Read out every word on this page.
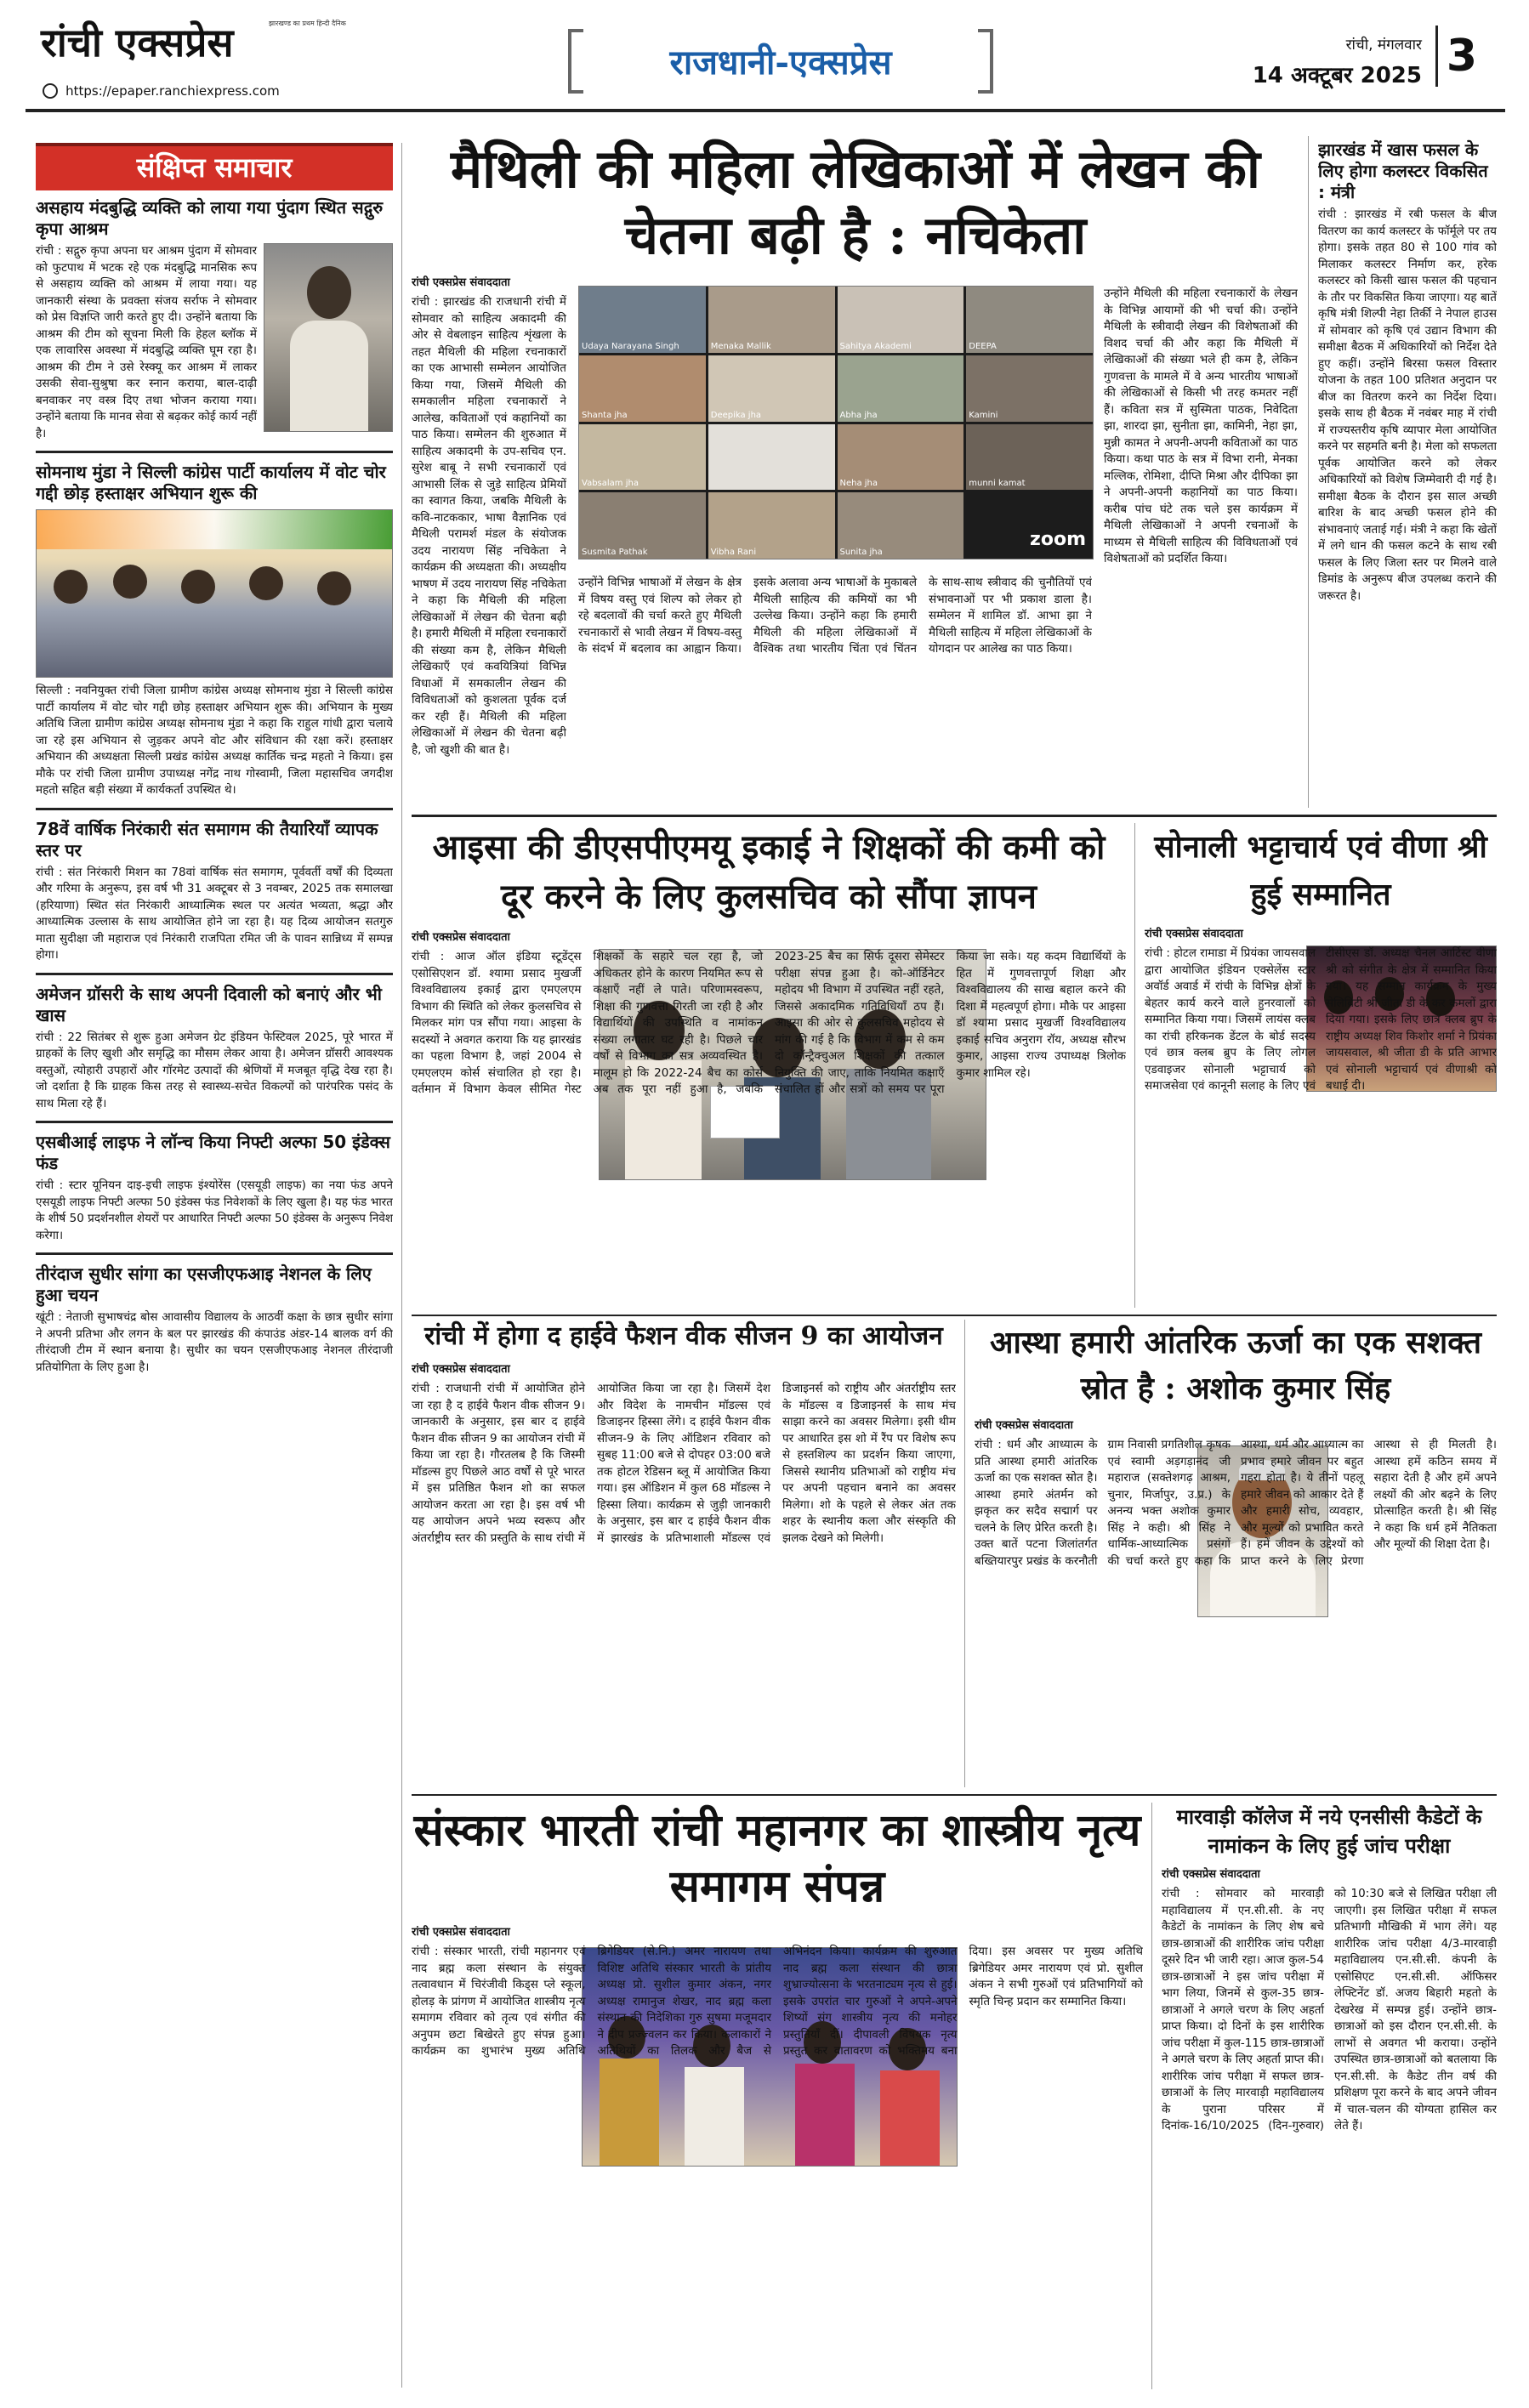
रांची एक्सप्रेस	झारखण्ड का प्रथम हिन्दी दैनिक
https://epaper.ranchiexpress.com
राजधानी-एक्सप्रेस	रांची, मंगलवार
14 अक्टूबर 2025 3
संक्षिप्त समाचार
असहाय मंदबुद्धि व्यक्ति को लाया गया पुंदाग स्थित सद्गुरु कृपा आश्रम

रांची : सद्गुरु कृपा अपना घर आश्रम पुंदाग में सोमवार को फुटपाथ में भटक रहे एक मंदबुद्धि मानसिक रूप से असहाय व्यक्ति को आश्रम में लाया गया। यह जानकारी संस्था के प्रवक्ता संजय सर्राफ ने सोमवार को प्रेस विज्ञप्ति जारी करते हुए दी। उन्होंने बताया कि आश्रम की टीम को सूचना मिली कि हेहल ब्लॉक में एक लावारिस अवस्था में मंदबुद्धि व्यक्ति घूम रहा है। आश्रम की टीम ने उसे रेस्क्यू कर आश्रम में लाकर उसकी सेवा-सुश्रुषा कर स्नान कराया, बाल-दाढ़ी बनवाकर नए वस्त्र दिए तथा भोजन कराया गया। उन्होंने बताया कि मानव सेवा से बढ़कर कोई कार्य नहीं है।

सोमनाथ मुंडा ने सिल्ली कांग्रेस पार्टी कार्यालय में वोट चोर गद्दी छोड़ हस्ताक्षर अभियान शुरू की

सिल्ली : नवनियुक्त रांची जिला ग्रामीण कांग्रेस अध्यक्ष सोमनाथ मुंडा ने सिल्ली कांग्रेस पार्टी कार्यालय में वोट चोर गद्दी छोड़ हस्ताक्षर अभियान शुरू की। अभियान के मुख्य अतिथि जिला ग्रामीण कांग्रेस अध्यक्ष सोमनाथ मुंडा ने कहा कि राहुल गांधी द्वारा चलाये जा रहे इस अभियान से जुड़कर अपने वोट और संविधान की रक्षा करें। हस्ताक्षर अभियान की अध्यक्षता सिल्ली प्रखंड कांग्रेस अध्यक्ष कार्तिक चन्द्र महतो ने किया। इस मौके पर रांची जिला ग्रामीण उपाध्यक्ष नगेंद्र नाथ गोस्वामी, जिला महासचिव जगदीश महतो सहित बड़ी संख्या में कार्यकर्ता उपस्थित थे।

78वें वार्षिक निरंकारी संत समागम की तैयारियाँ व्यापक स्तर पर

रांची : संत निरंकारी मिशन का 78वां वार्षिक संत समागम, पूर्ववर्ती वर्षों की दिव्यता और गरिमा के अनुरूप, इस वर्ष भी 31 अक्टूबर से 3 नवम्बर, 2025 तक समालखा (हरियाणा) स्थित संत निरंकारी आध्यात्मिक स्थल पर अत्यंत भव्यता, श्रद्धा और आध्यात्मिक उल्लास के साथ आयोजित होने जा रहा है। यह दिव्य आयोजन सतगुरु माता सुदीक्षा जी महाराज एवं निरंकारी राजपिता रमित जी के पावन सान्निध्य में सम्पन्न होगा।

अमेजन ग्रॉसरी के साथ अपनी दिवाली को बनाएं और भी खास

रांची : 22 सितंबर से शुरू हुआ अमेजन ग्रेट इंडियन फेस्टिवल 2025, पूरे भारत में ग्राहकों के लिए खुशी और समृद्धि का मौसम लेकर आया है। अमेजन ग्रॉसरी आवश्यक वस्तुओं, त्योहारी उपहारों और गॉरमेट उत्पादों की श्रेणियों में मजबूत वृद्धि देख रहा है। जो दर्शाता है कि ग्राहक किस तरह से स्वास्थ्य-सचेत विकल्पों को पारंपरिक पसंद के साथ मिला रहे हैं।

एसबीआई लाइफ ने लॉन्च किया निफ्टी अल्फा 50 इंडेक्स फंड

रांची : स्टार यूनियन दाइ-इची लाइफ इंश्योरेंस (एसयूडी लाइफ) का नया फंड अपने एसयूडी लाइफ निफ्टी अल्फा 50 इंडेक्स फंड निवेशकों के लिए खुला है। यह फंड भारत के शीर्ष 50 प्रदर्शनशील शेयरों पर आधारित निफ्टी अल्फा 50 इंडेक्स के अनुरूप निवेश करेगा।

तीरंदाज सुधीर सांगा का एसजीएफआइ नेशनल के लिए हुआ चयन

खूंटी : नेताजी सुभाषचंद्र बोस आवासीय विद्यालय के आठवीं कक्षा के छात्र सुधीर सांगा ने अपनी प्रतिभा और लगन के बल पर झारखंड की कंपाउंड अंडर-14 बालक वर्ग की तीरंदाजी टीम में स्थान बनाया है। सुधीर का चयन एसजीएफआइ नेशनल तीरंदाजी प्रतियोगिता के लिए हुआ है।

मैथिली की महिला लेखिकाओं में लेखन की चेतना बढ़ी है : नचिकेता
रांची एक्सप्रेस संवाददाता

रांची : झारखंड की राजधानी रांची में सोमवार को साहित्य अकादमी की ओर से वेबलाइन साहित्य शृंखला के तहत मैथिली की महिला रचनाकारों का एक आभासी सम्मेलन आयोजित किया गया, जिसमें मैथिली की समकालीन महिला रचनाकारों ने आलेख, कविताओं एवं कहानियों का पाठ किया। सम्मेलन की शुरुआत में साहित्य अकादमी के उप-सचिव एन. सुरेश बाबू ने सभी रचनाकारों एवं आभासी लिंक से जुड़े साहित्य प्रेमियों का स्वागत किया, जबकि मैथिली के कवि-नाटककार, भाषा वैज्ञानिक एवं मैथिली परामर्श मंडल के संयोजक उदय नारायण सिंह नचिकेता ने कार्यक्रम की अध्यक्षता की। अध्यक्षीय भाषण में उदय नारायण सिंह नचिकेता ने कहा कि मैथिली की महिला लेखिकाओं में लेखन की चेतना बढ़ी है। हमारी मैथिली में महिला रचनाकारों की संख्या कम है, लेकिन मैथिली लेखिकाएँ एवं कवयित्रियां विभिन्न विधाओं में समकालीन लेखन की विविधताओं को कुशलता पूर्वक दर्ज कर रही हैं। मैथिली की महिला लेखिकाओं में लेखन की चेतना बढ़ी है, जो खुशी की बात है।

Udaya Narayana Singh	Menaka Mallik	Sahitya Akademi	DEEPA
Shanta jha	Deepika jha	Abha jha	Kamini
Vabsalam jha	Neha jha	munni kamat
Susmita Pathak	Vibha Rani	Sunita jha
zoom

उन्होंने विभिन्न भाषाओं में लेखन के क्षेत्र में विषय वस्तु एवं शिल्प को लेकर हो रहे बदलावों की चर्चा करते हुए मैथिली रचनाकारों से भावी लेखन में विषय-वस्तु के संदर्भ में बदलाव का आह्वान किया। इसके अलावा अन्य भाषाओं के मुकाबले मैथिली साहित्य की कमियों का भी उल्लेख किया। उन्होंने कहा कि हमारी मैथिली की महिला लेखिकाओं में वैश्विक तथा भारतीय चिंता एवं चिंतन के साथ-साथ स्त्रीवाद की चुनौतियों एवं संभावनाओं पर भी प्रकाश डाला है। सम्मेलन में शामिल डॉ. आभा झा ने मैथिली साहित्य में महिला लेखिकाओं के योगदान पर आलेख का पाठ किया।

उन्होंने मैथिली की महिला रचनाकारों के लेखन के विभिन्न आयामों की भी चर्चा की। उन्होंने मैथिली के स्त्रीवादी लेखन की विशेषताओं की विशद चर्चा की और कहा कि मैथिली में लेखिकाओं की संख्या भले ही कम है, लेकिन गुणवत्ता के मामले में वे अन्य भारतीय भाषाओं की लेखिकाओं से किसी भी तरह कमतर नहीं हैं। कविता सत्र में सुस्मिता पाठक, निवेदिता झा, शारदा झा, सुनीता झा, कामिनी, नेहा झा, मुन्नी कामत ने अपनी-अपनी कविताओं का पाठ किया। कथा पाठ के सत्र में विभा रानी, मेनका मल्लिक, रोमिशा, दीप्ति मिश्रा और दीपिका झा ने अपनी-अपनी कहानियों का पाठ किया। करीब पांच घंटे तक चले इस कार्यक्रम में मैथिली लेखिकाओं ने अपनी रचनाओं के माध्यम से मैथिली साहित्य की विविधताओं एवं विशेषताओं को प्रदर्शित किया।

झारखंड में खास फसल के लिए होगा कलस्टर विकसित : मंत्री

रांची : झारखंड में रबी फसल के बीज वितरण का कार्य कलस्टर के फॉर्मूले पर तय होगा। इसके तहत 80 से 100 गांव को मिलाकर कलस्टर निर्माण कर, हरेक कलस्टर को किसी खास फसल की पहचान के तौर पर विकसित किया जाएगा। यह बातें कृषि मंत्री शिल्पी नेहा तिर्की ने नेपाल हाउस में सोमवार को कृषि एवं उद्यान विभाग की समीक्षा बैठक में अधिकारियों को निर्देश देते हुए कहीं। उन्होंने बिरसा फसल विस्तार योजना के तहत 100 प्रतिशत अनुदान पर बीज का वितरण करने का निर्देश दिया। इसके साथ ही बैठक में नवंबर माह में रांची में राज्यस्तरीय कृषि व्यापार मेला आयोजित करने पर सहमति बनी है। मेला को सफलता पूर्वक आयोजित करने को लेकर अधिकारियों को विशेष जिम्मेवारी दी गई है। समीक्षा बैठक के दौरान इस साल अच्छी बारिश के बाद अच्छी फसल होने की संभावनाएं जताई गई। मंत्री ने कहा कि खेतों में लगे धान की फसल कटने के साथ रबी फसल के लिए जिला स्तर पर मिलने वाले डिमांड के अनुरूप बीज उपलब्ध कराने की जरूरत है।

आइसा की डीएसपीएमयू इकाई ने शिक्षकों की कमी को दूर करने के लिए कुलसचिव को सौंपा ज्ञापन
रांची एक्सप्रेस संवाददाता

रांची : आज ऑल इंडिया स्टूडेंट्स एसोसिएशन डॉ. श्यामा प्रसाद मुखर्जी विश्वविद्यालय इकाई द्वारा एमएलएम विभाग की स्थिति को लेकर कुलसचिव से मिलकर मांग पत्र सौंपा गया। आइसा के सदस्यों ने अवगत कराया कि यह झारखंड का पहला विभाग है, जहां 2004 से एमएलएम कोर्स संचालित हो रहा है। वर्तमान में विभाग केवल सीमित गेस्ट शिक्षकों के सहारे चल रहा है, जो अधिकतर होने के कारण नियमित रूप से कक्षाएँ नहीं ले पाते। परिणामस्वरूप, शिक्षा की गुणवत्ता गिरती जा रही है और विद्यार्थियों की उपस्थिति व नामांकन संख्या लगातार घट रही है। पिछले चार वर्षों से विभाग का सत्र अव्यवस्थित है। मालूम हो कि 2022-24 बैच का कोर्स अब तक पूरा नहीं हुआ है, जबकि 2023-25 बैच का सिर्फ दूसरा सेमेस्टर परीक्षा संपन्न हुआ है। को-ऑर्डिनेटर महोदय भी विभाग में उपस्थित नहीं रहते, जिससे अकादमिक गतिविधियाँ ठप हैं। आइसा की ओर से कुलसचिव महोदय से मांग की गई है कि विभाग में कम से कम दो कॉन्ट्रैक्चुअल शिक्षकों की तत्काल नियुक्ति की जाए, ताकि नियमित कक्षाएँ संचालित हों और सत्रों को समय पर पूरा किया जा सके। यह कदम विद्यार्थियों के हित में गुणवत्तापूर्ण शिक्षा और विश्वविद्यालय की साख बहाल करने की दिशा में महत्वपूर्ण होगा। मौके पर आइसा डॉ श्यामा प्रसाद मुखर्जी विश्वविद्यालय इकाई सचिव अनुराग रॉय, अध्यक्ष सौरभ कुमार, आइसा राज्य उपाध्यक्ष त्रिलोक कुमार शामिल रहे।

सोनाली भट्टाचार्य एवं वीणा श्री हुई सम्मानित
रांची एक्सप्रेस संवाददाता

रांची : होटल रामाडा में प्रियंका जायसवाल द्वारा आयोजित इंडियन एक्सेलेंस स्टार अवॉर्ड अवार्ड में रांची के विभिन्न क्षेत्रों के बेहतर कार्य करने वाले हुनरवालों को सम्मानित किया गया। जिसमें लायंस क्लब का रांची हरिकनक डेंटल के बोर्ड सदस्य एवं छात्र क्लब ब्रुप के लिए लोगल एडवाइजर सोनाली भट्टाचार्य को समाजसेवा एवं कानूनी सलाह के लिए एवं टीसीएस डॉ. अध्यक्ष चैनल आर्टिस्ट वीणा श्री को संगीत के क्षेत्र में सम्मानित किया गया। यह सम्मान कार्यक्रम के मुख्य सेलिब्रिटी श्री जीता डी के कर कमलों द्वारा दिया गया। इसके लिए छात्र क्लब ब्रुप के राष्ट्रीय अध्यक्ष शिव किशोर शर्मा ने प्रियंका जायसवाल, श्री जीता डी के प्रति आभार एवं सोनाली भट्टाचार्य एवं वीणाश्री को बधाई दी।

रांची में होगा द हाईवे फैशन वीक सीजन 9 का आयोजन
रांची एक्सप्रेस संवाददाता

रांची : राजधानी रांची में आयोजित होने जा रहा है द हाईवे फैशन वीक सीजन 9। जानकारी के अनुसार, इस बार द हाईवे फैशन वीक सीजन 9 का आयोजन रांची में किया जा रहा है। गौरतलब है कि जिस्मी मॉडल्स हुए पिछले आठ वर्षों से पूरे भारत में इस प्रतिष्ठित फैशन शो का सफल आयोजन करता आ रहा है। इस वर्ष भी यह आयोजन अपने भव्य स्वरूप और अंतर्राष्ट्रीय स्तर की प्रस्तुति के साथ रांची में आयोजित किया जा रहा है। जिसमें देश और विदेश के नामचीन मॉडल्स एवं डिजाइनर हिस्सा लेंगे। द हाईवे फैशन वीक सीजन-9 के लिए ऑडिशन रविवार को सुबह 11:00 बजे से दोपहर 03:00 बजे तक होटल रेडिसन ब्लू में आयोजित किया गया। इस ऑडिशन में कुल 68 मॉडल्स ने हिस्सा लिया। कार्यक्रम से जुड़ी जानकारी के अनुसार, इस बार द हाईवे फैशन वीक में झारखंड के प्रतिभाशाली मॉडल्स एवं डिजाइनर्स को राष्ट्रीय और अंतर्राष्ट्रीय स्तर के मॉडल्स व डिजाइनर्स के साथ मंच साझा करने का अवसर मिलेगा। इसी थीम पर आधारित इस शो में रैंप पर विशेष रूप से हस्तशिल्प का प्रदर्शन किया जाएगा, जिससे स्थानीय प्रतिभाओं को राष्ट्रीय मंच पर अपनी पहचान बनाने का अवसर मिलेगा। शो के पहले से लेकर अंत तक शहर के स्थानीय कला और संस्कृति की झलक देखने को मिलेगी।

आस्था हमारी आंतरिक ऊर्जा का एक सशक्त स्रोत है : अशोक कुमार सिंह
रांची एक्सप्रेस संवाददाता

रांची : धर्म और आध्यात्म के प्रति आस्था हमारी आंतरिक ऊर्जा का एक सशक्त स्रोत है। आस्था हमारे अंतर्मन को झकृत कर सदैव सद्मार्ग पर चलने के लिए प्रेरित करती है। उक्त बातें पटना जिलांतर्गत बख्तियारपुर प्रखंड के करनौती ग्राम निवासी प्रगतिशील कृषक एवं स्वामी अड़गड़ानंद जी महाराज (सक्तेशगढ़ आश्रम, चुनार, मिर्जापुर, उ.प्र.) के अनन्य भक्त अशोक कुमार सिंह ने कही। श्री सिंह ने धार्मिक-आध्यात्मिक प्रसंगों की चर्चा करते हुए कहा कि आस्था, धर्म और आध्यात्म का प्रभाव हमारे जीवन पर बहुत गहरा होता है। ये तीनों पहलू हमारे जीवन को आकार देते हैं और हमारी सोच, व्यवहार, और मूल्यों को प्रभावित करते हैं। हमें जीवन के उद्देश्यों को प्राप्त करने के लिए प्रेरणा आस्था से ही मिलती है। आस्था हमें कठिन समय में सहारा देती है और हमें अपने लक्ष्यों की ओर बढ़ने के लिए प्रोत्साहित करती है। श्री सिंह ने कहा कि धर्म हमें नैतिकता और मूल्यों की शिक्षा देता है।

संस्कार भारती रांची महानगर का शास्त्रीय नृत्य समागम संपन्न
रांची एक्सप्रेस संवाददाता

रांची : संस्कार भारती, रांची महानगर एवं नाद ब्रह्म कला संस्थान के संयुक्त तत्वावधान में चिरंजीवी किड्स प्ले स्कूल, होलड़ के प्रांगण में आयोजित शास्त्रीय नृत्य समागम रविवार को तृत्य एवं संगीत की अनुपम छटा बिखेरते हुए संपन्न हुआ। कार्यक्रम का शुभारंभ मुख्य अतिथि ब्रिगेडियर (से.नि.) अमर नारायण तथा विशिष्ट अतिथि संस्कार भारती के प्रांतीय अध्यक्ष प्रो. सुशील कुमार अंकन, नगर अध्यक्ष रामानुज शेखर, नाद ब्रह्म कला संस्थान की निदेशिका गुरु सुषमा मजूमदार ने दीप प्रज्ज्वलन कर किया। कलाकारों ने अतिथियों का तिलक और बैज से अभिनंदन किया। कार्यक्रम की शुरुआत नाद ब्रह्म कला संस्थान की छात्रा शुभ्राज्योत्सना के भरतनाट्यम नृत्य से हुई। इसके उपरांत चार गुरुओं ने अपने-अपने शिष्यों संग शास्त्रीय नृत्य की मनोहर प्रस्तुतियाँ दीं। दीपावली विषयक नृत्य प्रस्तुत कर वातावरण को भक्तिमय बना दिया। इस अवसर पर मुख्य अतिथि ब्रिगेडियर अमर नारायण एवं प्रो. सुशील अंकन ने सभी गुरुओं एवं प्रतिभागियों को स्मृति चिन्ह प्रदान कर सम्मानित किया।

मारवाड़ी कॉलेज में नये एनसीसी कैडेटों के नामांकन के लिए हुई जांच परीक्षा
रांची एक्सप्रेस संवाददाता

रांची : सोमवार को मारवाड़ी महाविद्यालय में एन.सी.सी. के नए कैडेटों के नामांकन के लिए शेष बचे छात्र-छात्राओं की शारीरिक जांच परीक्षा दूसरे दिन भी जारी रहा। आज कुल-54 छात्र-छात्राओं ने इस जांच परीक्षा में भाग लिया, जिनमें से कुल-35 छात्र-छात्राओं ने अगले चरण के लिए अहर्ता प्राप्त किया। दो दिनों के इस शारीरिक जांच परीक्षा में कुल-115 छात्र-छात्राओं ने अगले चरण के लिए अहर्ता प्राप्त की। शारीरिक जांच परीक्षा में सफल छात्र-छात्राओं के लिए मारवाड़ी महाविद्यालय के पुराना परिसर में दिनांक-16/10/2025 (दिन-गुरुवार) को 10:30 बजे से लिखित परीक्षा ली जाएगी। इस लिखित परीक्षा में सफल प्रतिभागी मौखिकी में भाग लेंगे। यह शारीरिक जांच परीक्षा 4/3-मारवाड़ी महाविद्यालय एन.सी.सी. कंपनी के एसोसिएट एन.सी.सी. ऑफिसर लेफ्टिनेंट डॉ. अजय बिहारी महतो के देखरेख में सम्पन्न हुई। उन्होंने छात्र-छात्राओं को इस दौरान एन.सी.सी. के लाभों से अवगत भी कराया। उन्होंने उपस्थित छात्र-छात्राओं को बतलाया कि एन.सी.सी. के कैडेट तीन वर्ष की प्रशिक्षण पूरा करने के बाद अपने जीवन में चाल-चलन की योग्यता हासिल कर लेते हैं।
